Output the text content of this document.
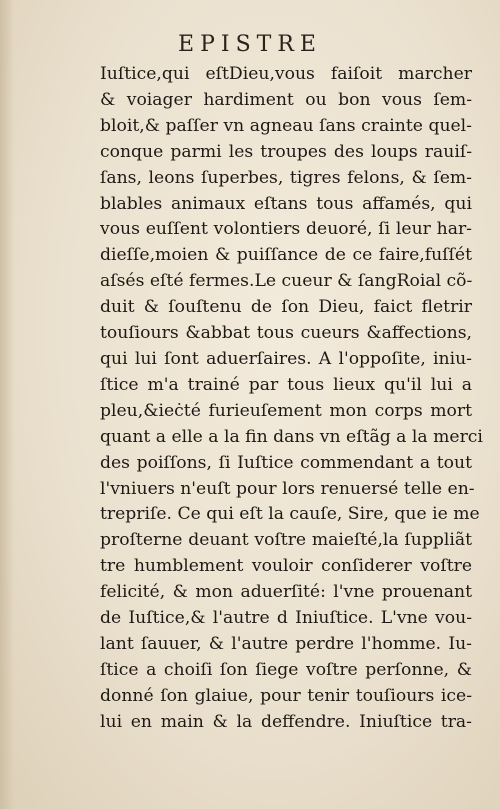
EPISTRE
Iuſtice,qui eſtDieu,vous faiſoit marcher
& voiager hardiment ou bon vous ſem-
bloit,& paſſer vn agneau ſans crainte quel-
conque parmi les troupes des loups rauiſ-
ſans, leons ſuperbes, tigres felons, & ſem-
blables animaux eſtans tous affamés, qui
vous euſſent volontiers deuoré, ſi leur har-
dieſſe,moien & puiſſance de ce faire,fuſſét
aſsés eſté fermes.Le cueur & ſangRoial cõ-
duit & ſouſtenu de ſon Dieu, faict fletrir
touſiours &abbat tous cueurs &affections,
qui lui ſont aduerſaires. A l'oppoſite, iniu-
ſtice m'a trainé par tous lieux qu'il lui a
pleu,&ieċté furieuſement mon corps mort
quant a elle a la fin dans vn eſtãg a la merci
des poiſſons, ſi Iuſtice commendant a tout
l'vniuers n'euſt pour lors renuersé telle en-
trepriſe. Ce qui eſt la cauſe, Sire, que ie me
proſterne deuant voſtre maieſté,la ſuppliãt
tre humblement vouloir conſiderer voſtre
felicité, & mon aduerſité: l'vne prouenant
de Iuſtice,& l'autre d Iniuſtice. L'vne vou-
lant ſauuer, & l'autre perdre l'homme. Iu-
ſtice a choiſi ſon ſiege voſtre perſonne, &
donné ſon glaiue, pour tenir touſiours ice-
lui en main & la deffendre. Iniuſtice tra-
